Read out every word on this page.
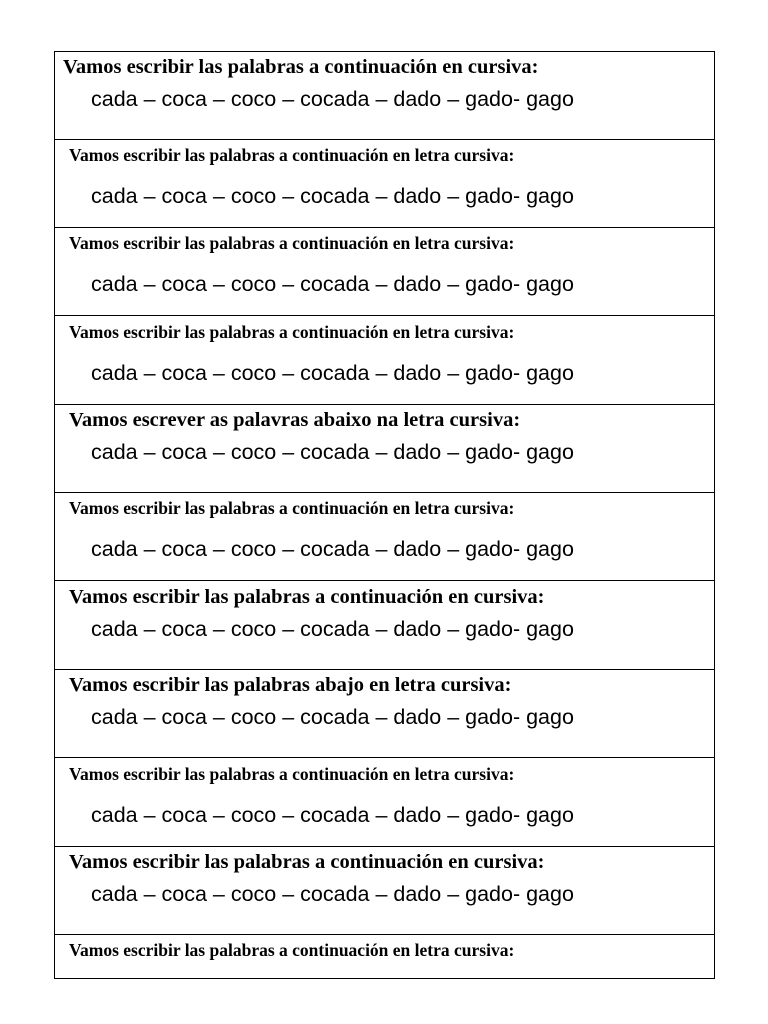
Vamos escribir las palabras a continuación en cursiva:
cada – coca – coco – cocada – dado – gado- gago
Vamos escribir las palabras a continuación en letra cursiva:
cada – coca – coco – cocada – dado – gado- gago
Vamos escribir las palabras a continuación en letra cursiva:
cada – coca – coco – cocada – dado – gado- gago
Vamos escribir las palabras a continuación en letra cursiva:
cada – coca – coco – cocada – dado – gado- gago
Vamos escrever as palavras abaixo na letra cursiva:
cada – coca – coco – cocada – dado – gado- gago
Vamos escribir las palabras a continuación en letra cursiva:
cada – coca – coco – cocada – dado – gado- gago
Vamos escribir las palabras a continuación en cursiva:
cada – coca – coco – cocada – dado – gado- gago
Vamos escribir las palabras abajo en letra cursiva:
cada – coca – coco – cocada – dado – gado- gago
Vamos escribir las palabras a continuación en letra cursiva:
cada – coca – coco – cocada – dado – gado- gago
Vamos escribir las palabras a continuación en cursiva:
cada – coca – coco – cocada – dado – gado- gago
Vamos escribir las palabras a continuación en letra cursiva:
